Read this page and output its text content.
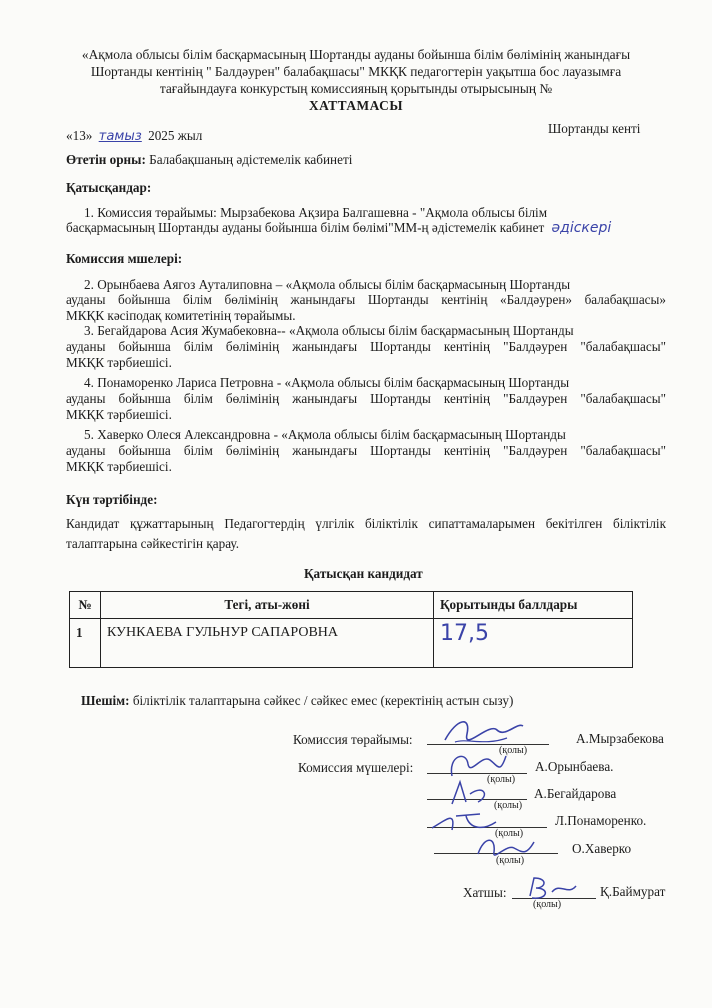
«Ақмола облысы білім басқармасының Шортанды ауданы бойынша білім бөлімінің жанындағы
Шортанды кентінің " Балдәурен" балабақшасы" МКҚК педагогтерін уақытша бос лауазымға
тағайындауға конкурстың комиссияның қорытынды отырысының №
ХАТТАМАСЫ
«13» тамыз 2025 жыл	Шортанды кенті
Өтетін орны: Балабақшаның әдістемелік кабинеті
Қатысқандар:
1. Комиссия төрайымы: Мырзабекова Ақзира Балгашевна - "Ақмола облысы білім
басқармасының Шортанды ауданы бойынша білім бөлімі"ММ-ң әдістемелік кабинет әдіскері
Комиссия мшелері:
2. Орынбаева Аягоз Ауталиповна – «Ақмола облысы білім басқармасының Шортанды
ауданы бойынша білім бөлімінің жанындағы Шортанды кентінің «Балдәурен» балабақшасы»
МКҚК кәсіподақ комитетінің төрайымы.
3. Бегайдарова Асия Жумабековна-- «Ақмола облысы білім басқармасының Шортанды
ауданы бойынша білім бөлімінің жанындағы Шортанды кентінің "Балдәурен "балабақшасы"
МКҚК тәрбиешісі.
4. Понаморенко Лариса Петровна - «Ақмола облысы білім басқармасының Шортанды
ауданы бойынша білім бөлімінің жанындағы Шортанды кентінің "Балдәурен "балабақшасы"
МКҚК тәрбиешісі.
5. Хаверко Олеся Александровна - «Ақмола облысы білім басқармасының Шортанды
ауданы бойынша білім бөлімінің жанындағы Шортанды кентінің "Балдәурен "балабақшасы"
МКҚК тәрбиешісі.
Күн тәртібінде:
Кандидат құжаттарының Педагогтердің үлгілік біліктілік сипаттамаларымен бекітілген біліктілік
талаптарына сәйкестігін қарау.
Қатысқан кандидат
№	Тегі, аты-жөні	Қорытынды баллдары
1	КУНКАЕВА ГУЛЬНУР САПАРОВНА	17,5
Шешім: біліктілік талаптарына сәйкес / сәйкес емес (керектінің астын сызу)
Комиссия төрайымы:
(қолы)
А.Мырзабекова
Комиссия мүшелері:
(қолы)
А.Орынбаева.
(қолы)
А.Бегайдарова
(қолы)
Л.Понаморенко.
(қолы)
О.Хаверко
Хатшы:
(қолы)
Қ.Баймурат
